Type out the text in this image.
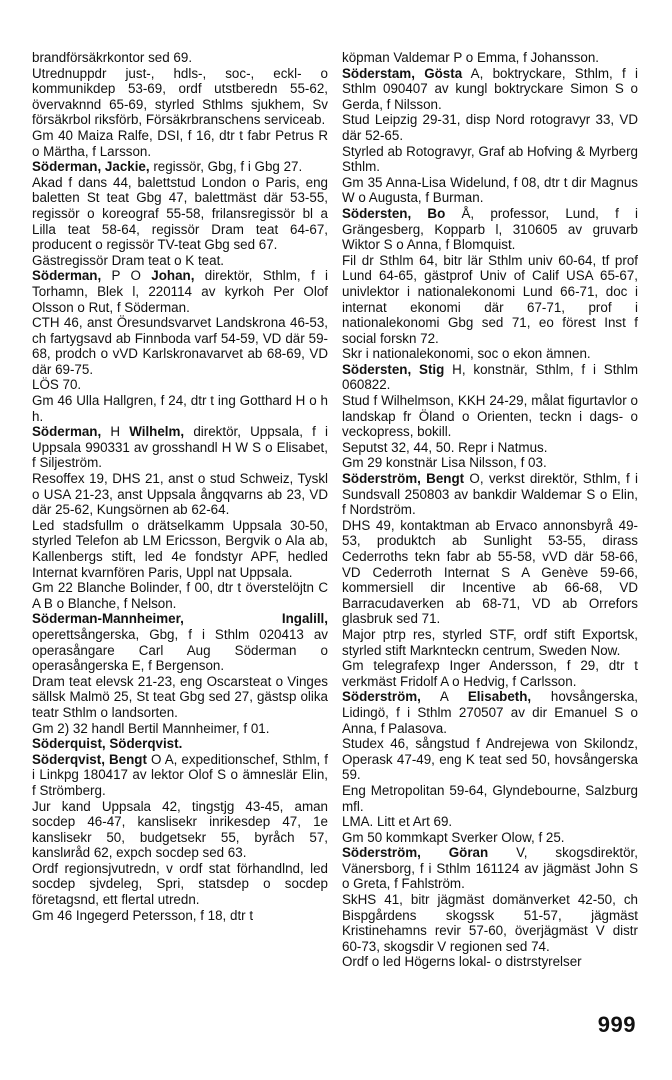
brandförsäkrkontor sed 69.

Utrednuppdr just-, hdls-, soc-, eckl- o kommunikdep 53-69, ordf utstberedn 55-62, övervaknnd 65-69, styrled Sthlms sjukhem, Sv försäkrbol riksförb, Försäkrbranschens serviceab.

Gm 40 Maiza Ralfe, DSI, f 16, dtr t fabr Petrus R o Märtha, f Larsson.

Söderman, Jackie, regissör, Gbg, f i Gbg 27.

Akad f dans 44, balettstud London o Paris, eng baletten St teat Gbg 47, balettmäst där 53-55, regissör o koreograf 55-58, frilansregissör bl a Lilla teat 58-64, regissör Dram teat 64-67, producent o regissör TV-teat Gbg sed 67.

Gästregissör Dram teat o K teat.

Söderman, P O Johan, direktör, Sthlm, f i Torhamn, Blek l, 220114 av kyrkoh Per Olof Olsson o Rut, f Söderman.

CTH 46, anst Öresundsvarvet Landskrona 46-53, ch fartygsavd ab Finnboda varf 54-59, VD där 59-68, prodch o vVD Karlskronavarvet ab 68-69, VD där 69-75.

LÖS 70.

Gm 46 Ulla Hallgren, f 24, dtr t ing Gotthard H o h h.

Söderman, H Wilhelm, direktör, Uppsala, f i Uppsala 990331 av grosshandl H W S o Elisabet, f Siljeström.

Resoffex 19, DHS 21, anst o stud Schweiz, Tyskl o USA 21-23, anst Uppsala ångqvarns ab 23, VD där 25-62, Kungsörnen ab 62-64.

Led stadsfullm o drätselkamm Uppsala 30-50, styrled Telefon ab LM Ericsson, Bergvik o Ala ab, Kallenbergs stift, led 4e fondstyr APF, hedled Internat kvarnfören Paris, Uppl nat Uppsala.

Gm 22 Blanche Bolinder, f 00, dtr t överstelöjtn C A B o Blanche, f Nelson.

Söderman-Mannheimer, Ingalill, operettsångerska, Gbg, f i Sthlm 020413 av operasångare Carl Aug Söderman o operasångerska E, f Bergenson.

Dram teat elevsk 21-23, eng Oscarsteat o Vinges sällsk Malmö 25, St teat Gbg sed 27, gästsp olika teatr Sthlm o landsorten.

Gm 2) 32 handl Bertil Mannheimer, f 01.

Söderquist, Söderqvist.

Söderqvist, Bengt O A, expeditionschef, Sthlm, f i Linkpg 180417 av lektor Olof S o ämneslär Elin, f Strömberg.

Jur kand Uppsala 42, tingstjg 43-45, aman socdep 46-47, kanslisekr inrikesdep 47, 1e kanslisekr 50, budgetsekr 55, byråch 57, kanslиråd 62, expch socdep sed 63.

Ordf regionsjvutredn, v ordf stat förhandlnd, led socdep sjvdeleg, Spri, statsdep o socdep företagsnd, ett flertal utredn.

Gm 46 Ingegerd Petersson, f 18, dtr t

köpman Valdemar P o Emma, f Johansson.

Söderstam, Gösta A, boktryckare, Sthlm, f i Sthlm 090407 av kungl boktryckare Simon S o Gerda, f Nilsson.

Stud Leipzig 29-31, disp Nord rotogravyr 33, VD där 52-65.

Styrled ab Rotogravyr, Graf ab Hofving & Myrberg Sthlm.

Gm 35 Anna-Lisa Widelund, f 08, dtr t dir Magnus W o Augusta, f Burman.

Södersten, Bo Å, professor, Lund, f i Grängesberg, Kopparb l, 310605 av gruvarb Wiktor S o Anna, f Blomquist.

Fil dr Sthlm 64, bitr lär Sthlm univ 60-64, tf prof Lund 64-65, gästprof Univ of Calif USA 65-67, univlektor i nationalekonomi Lund 66-71, doc i internat ekonomi där 67-71, prof i nationalekonomi Gbg sed 71, eo förest Inst f social forskn 72.

Skr i nationalekonomi, soc o ekon ämnen.

Södersten, Stig H, konstnär, Sthlm, f i Sthlm 060822.

Stud f Wilhelmson, KKH 24-29, målat figurtavlor o landskap fr Öland o Orienten, teckn i dags- o veckopress, bokill.

Seputst 32, 44, 50. Repr i Natmus.

Gm 29 konstnär Lisa Nilsson, f 03.

Söderström, Bengt O, verkst direktör, Sthlm, f i Sundsvall 250803 av bankdir Waldemar S o Elin, f Nordström.

DHS 49, kontaktman ab Ervaco annonsbyrå 49-53, produktch ab Sunlight 53-55, dirass Cederroths tekn fabr ab 55-58, vVD där 58-66, VD Cederroth Internat S A Genève 59-66, kommersiell dir Incentive ab 66-68, VD Barracudaverken ab 68-71, VD ab Orrefors glasbruk sed 71.

Major ptrp res, styrled STF, ordf stift Exportsk, styrled stift Marknteckn centrum, Sweden Now.

Gm telegrafexp Inger Andersson, f 29, dtr t verkmäst Fridolf A o Hedvig, f Carlsson.

Söderström, A Elisabeth, hovsångerska, Lidingö, f i Sthlm 270507 av dir Emanuel S o Anna, f Palasova.

Studex 46, sångstud f Andrejewa von Skilondz, Operask 47-49, eng K teat sed 50, hovsångerska 59.

Eng Metropolitan 59-64, Glyndebourne, Salzburg mfl.

LMA. Litt et Art 69.

Gm 50 kommkapt Sverker Olow, f 25.

Söderström, Göran V, skogsdirektör, Vänersborg, f i Sthlm 161124 av jägmäst John S o Greta, f Fahlström.

SkHS 41, bitr jägmäst domänverket 42-50, ch Bispgårdens skogssk 51-57, jägmäst Kristinehamns revir 57-60, överjägmäst V distr 60-73, skogsdir V regionen sed 74.

Ordf o led Högerns lokal- o distrstyrelser

999
